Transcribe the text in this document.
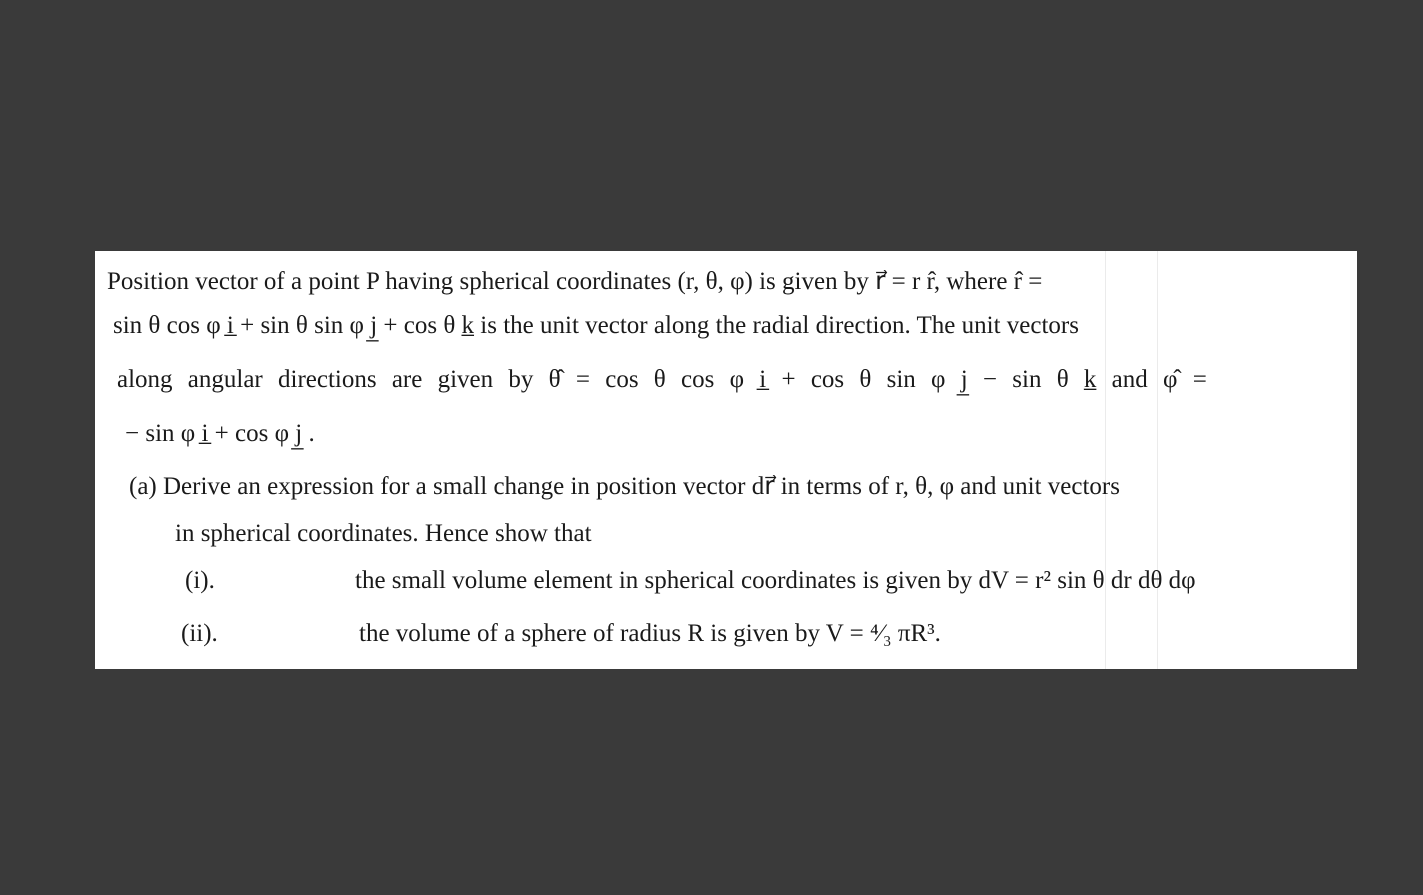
Position vector of a point P having spherical coordinates (r, θ, φ) is given by r⃗ = r r̂, where r̂ =
sin θ cos φ i̲ + sin θ sin φ j̲ + cos θ k̲ is the unit vector along the radial direction. The unit vectors
along angular directions are given by θ̂ = cos θ cos φ i̲ + cos θ sin φ j̲ − sin θ k̲ and φ̂ =
− sin φ i̲ + cos φ j̲ .
(a) Derive an expression for a small change in position vector dr⃗ in terms of r, θ, φ and unit vectors
in spherical coordinates. Hence show that
(i).	the small volume element in spherical coordinates is given by dV = r² sin θ dr dθ dφ
(ii).	the volume of a sphere of radius R is given by V = ⁴⁄₃ πR³.
